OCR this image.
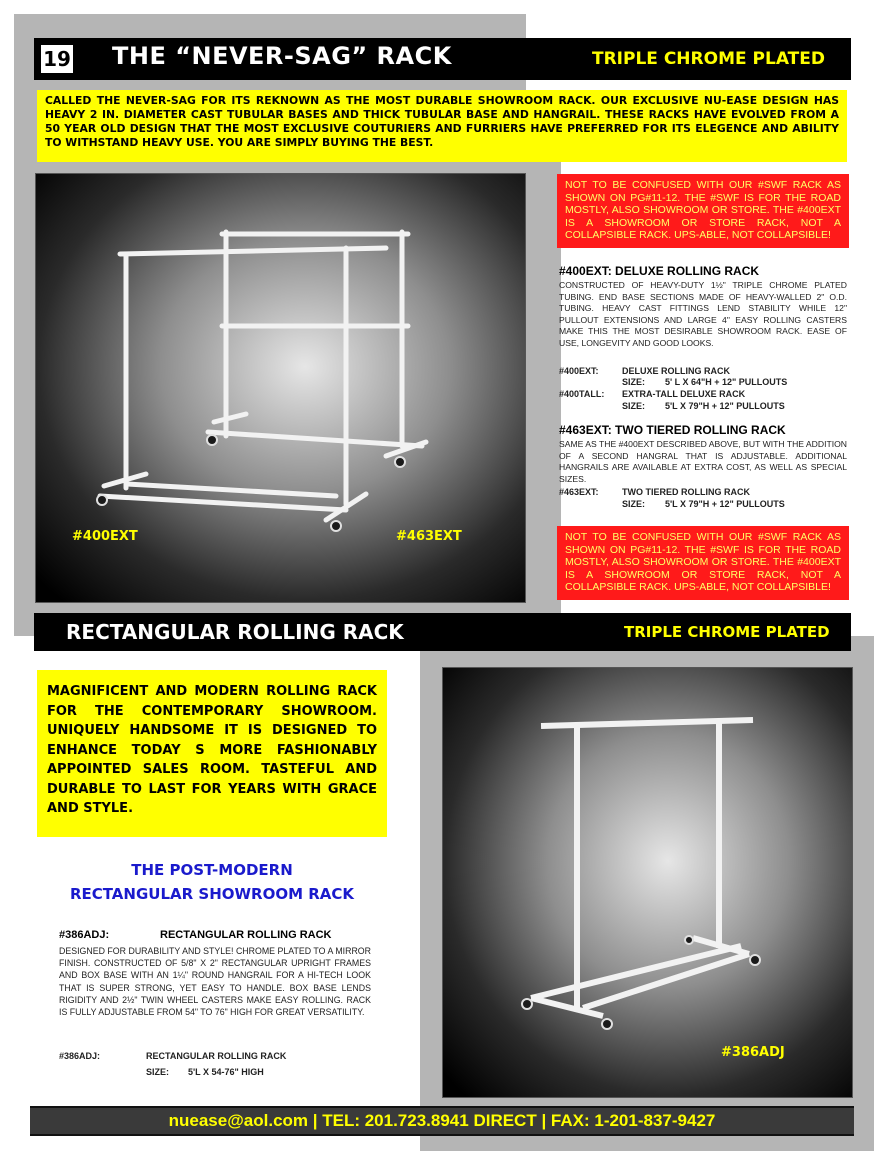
19 THE “NEVER-SAG” RACK	TRIPLE CHROME PLATED
CALLED THE NEVER-SAG FOR ITS REKNOWN AS THE MOST DURABLE SHOWROOM RACK. OUR EXCLUSIVE NU-EASE DESIGN HAS HEAVY 2 IN. DIAMETER CAST TUBULAR BASES AND THICK TUBULAR BASE AND HANGRAIL. THESE RACKS HAVE EVOLVED FROM A 50 YEAR OLD DESIGN THAT THE MOST EXCLUSIVE COUTURIERS AND FURRIERS HAVE PREFERRED FOR ITS ELEGENCE AND ABILITY TO WITHSTAND HEAVY USE. YOU ARE SIMPLY BUYING THE BEST.
#400EXT	#463EXT
NOT TO BE CONFUSED WITH OUR #SWF RACK AS SHOWN ON PG#11-12. THE #SWF IS FOR THE ROAD MOSTLY, ALSO SHOWROOM OR STORE. THE #400EXT IS A SHOWROOM OR STORE RACK, NOT A COLLAPSIBLE RACK. UPS-ABLE, NOT COLLAPSIBLE!
#400EXT: DELUXE ROLLING RACK
CONSTRUCTED OF HEAVY-DUTY 1½" TRIPLE CHROME PLATED TUBING. END BASE SECTIONS MADE OF HEAVY-WALLED 2" O.D. TUBING. HEAVY CAST FITTINGS LEND STABILITY WHILE 12" PULLOUT EXTENSIONS AND LARGE 4" EASY ROLLING CASTERS MAKE THIS THE MOST DESIRABLE SHOWROOM RACK. EASE OF USE, LONGEVITY AND GOOD LOOKS.
#400EXT:	DELUXE ROLLING RACK
SIZE: 5' L X 64"H + 12" PULLOUTS
#400TALL: EXTRA-TALL DELUXE RACK
SIZE: 5'L X 79"H + 12" PULLOUTS
#463EXT: TWO TIERED ROLLING RACK
SAME AS THE #400EXT DESCRIBED ABOVE, BUT WITH THE ADDITION OF A SECOND HANGRAL THAT IS ADJUSTABLE. ADDITIONAL HANGRAILS ARE AVAILABLE AT EXTRA COST, AS WELL AS SPECIAL SIZES.
#463EXT:	TWO TIERED ROLLING RACK
SIZE: 5'L X 79"H + 12" PULLOUTS
NOT TO BE CONFUSED WITH OUR #SWF RACK AS SHOWN ON PG#11-12. THE #SWF IS FOR THE ROAD MOSTLY, ALSO SHOWROOM OR STORE. THE #400EXT IS A SHOWROOM OR STORE RACK, NOT A COLLAPSIBLE RACK. UPS-ABLE, NOT COLLAPSIBLE!
RECTANGULAR ROLLING RACK	TRIPLE CHROME PLATED
MAGNIFICENT AND MODERN ROLLING RACK FOR THE CONTEMPORARY SHOWROOM. UNIQUELY HANDSOME IT IS DESIGNED TO ENHANCE TODAY S MORE FASHIONABLY APPOINTED SALES ROOM. TASTEFUL AND DURABLE TO LAST FOR YEARS WITH GRACE AND STYLE.
THE POST-MODERN
RECTANGULAR SHOWROOM RACK
#386ADJ:	RECTANGULAR ROLLING RACK
DESIGNED FOR DURABILITY AND STYLE! CHROME PLATED TO A MIRROR FINISH. CONSTRUCTED OF 5/8" X 2" RECTANGULAR UPRIGHT FRAMES AND BOX BASE WITH AN 1¼" ROUND HANGRAIL FOR A HI-TECH LOOK THAT IS SUPER STRONG, YET EASY TO HANDLE. BOX BASE LENDS RIGIDITY AND 2½" TWIN WHEEL CASTERS MAKE EASY ROLLING. RACK IS FULLY ADJUSTABLE FROM 54" TO 76" HIGH FOR GREAT VERSATILITY.
#386ADJ:	RECTANGULAR ROLLING RACK
SIZE: 5'L X 54-76" HIGH
#386ADJ
nuease@aol.com | TEL: 201.723.8941 DIRECT | FAX: 1-201-837-9427
